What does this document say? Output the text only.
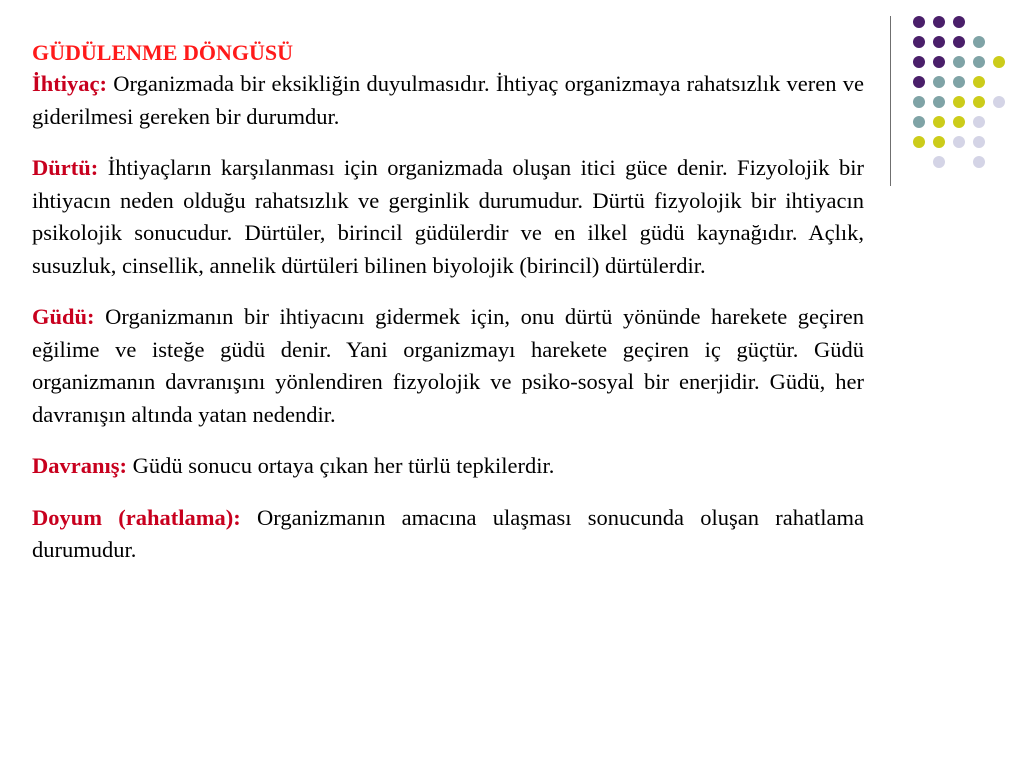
GÜDÜLENME DÖNGÜSÜ

İhtiyaç: Organizmada bir eksikliğin duyulmasıdır. İhtiyaç organizmaya rahatsızlık veren ve giderilmesi gereken bir durumdur.

Dürtü: İhtiyaçların karşılanması için organizmada oluşan itici güce denir. Fizyolojik bir ihtiyacın neden olduğu rahatsızlık ve gerginlik durumudur. Dürtü fizyolojik bir ihtiyacın psikolojik sonucudur. Dürtüler, birincil güdülerdir ve en ilkel güdü kaynağıdır. Açlık, susuzluk, cinsellik, annelik dürtüleri bilinen biyolojik (birincil) dürtülerdir.

Güdü: Organizmanın bir ihtiyacını gidermek için, onu dürtü yönünde harekete geçiren eğilime ve isteğe güdü denir. Yani organizmayı harekete geçiren iç güçtür. Güdü organizmanın davranışını yönlendiren fizyolojik ve psiko-sosyal bir enerjidir. Güdü, her davranışın altında yatan nedendir.

Davranış: Güdü sonucu ortaya çıkan her türlü tepkilerdir.

Doyum (rahatlama): Organizmanın amacına ulaşması sonucunda oluşan rahatlama durumudur.
